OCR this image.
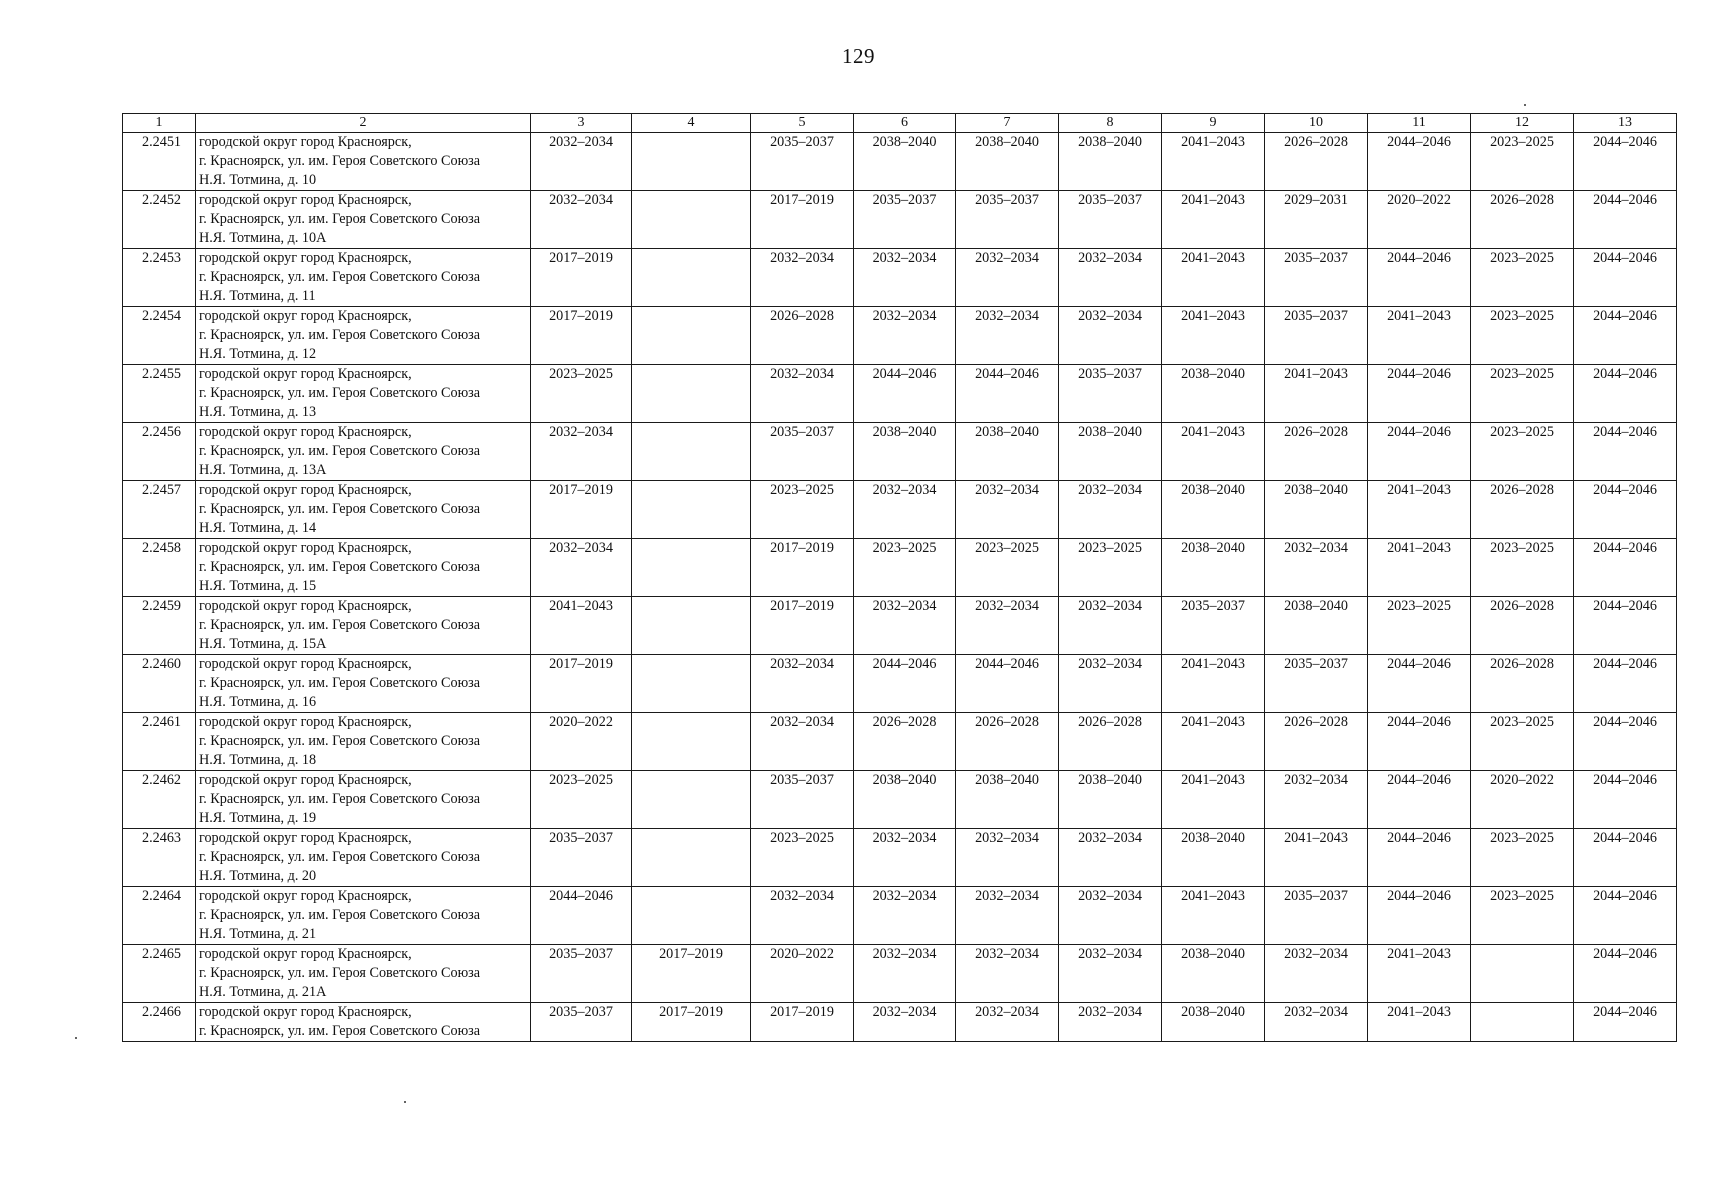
129
1	2	3	4	5	6	7	8	9	10	11	12	13
2.2451	городской округ город Красноярск,
г. Красноярск, ул. им. Героя Советского Союза
Н.Я. Тотмина, д. 10	2032–2034		2035–2037	2038–2040	2038–2040	2038–2040	2041–2043	2026–2028	2044–2046	2023–2025	2044–2046
2.2452	городской округ город Красноярск,
г. Красноярск, ул. им. Героя Советского Союза
Н.Я. Тотмина, д. 10А	2032–2034		2017–2019	2035–2037	2035–2037	2035–2037	2041–2043	2029–2031	2020–2022	2026–2028	2044–2046
2.2453	городской округ город Красноярск,
г. Красноярск, ул. им. Героя Советского Союза
Н.Я. Тотмина, д. 11	2017–2019		2032–2034	2032–2034	2032–2034	2032–2034	2041–2043	2035–2037	2044–2046	2023–2025	2044–2046
2.2454	городской округ город Красноярск,
г. Красноярск, ул. им. Героя Советского Союза
Н.Я. Тотмина, д. 12	2017–2019		2026–2028	2032–2034	2032–2034	2032–2034	2041–2043	2035–2037	2041–2043	2023–2025	2044–2046
2.2455	городской округ город Красноярск,
г. Красноярск, ул. им. Героя Советского Союза
Н.Я. Тотмина, д. 13	2023–2025		2032–2034	2044–2046	2044–2046	2035–2037	2038–2040	2041–2043	2044–2046	2023–2025	2044–2046
2.2456	городской округ город Красноярск,
г. Красноярск, ул. им. Героя Советского Союза
Н.Я. Тотмина, д. 13А	2032–2034		2035–2037	2038–2040	2038–2040	2038–2040	2041–2043	2026–2028	2044–2046	2023–2025	2044–2046
2.2457	городской округ город Красноярск,
г. Красноярск, ул. им. Героя Советского Союза
Н.Я. Тотмина, д. 14	2017–2019		2023–2025	2032–2034	2032–2034	2032–2034	2038–2040	2038–2040	2041–2043	2026–2028	2044–2046
2.2458	городской округ город Красноярск,
г. Красноярск, ул. им. Героя Советского Союза
Н.Я. Тотмина, д. 15	2032–2034		2017–2019	2023–2025	2023–2025	2023–2025	2038–2040	2032–2034	2041–2043	2023–2025	2044–2046
2.2459	городской округ город Красноярск,
г. Красноярск, ул. им. Героя Советского Союза
Н.Я. Тотмина, д. 15А	2041–2043		2017–2019	2032–2034	2032–2034	2032–2034	2035–2037	2038–2040	2023–2025	2026–2028	2044–2046
2.2460	городской округ город Красноярск,
г. Красноярск, ул. им. Героя Советского Союза
Н.Я. Тотмина, д. 16	2017–2019		2032–2034	2044–2046	2044–2046	2032–2034	2041–2043	2035–2037	2044–2046	2026–2028	2044–2046
2.2461	городской округ город Красноярск,
г. Красноярск, ул. им. Героя Советского Союза
Н.Я. Тотмина, д. 18	2020–2022		2032–2034	2026–2028	2026–2028	2026–2028	2041–2043	2026–2028	2044–2046	2023–2025	2044–2046
2.2462	городской округ город Красноярск,
г. Красноярск, ул. им. Героя Советского Союза
Н.Я. Тотмина, д. 19	2023–2025		2035–2037	2038–2040	2038–2040	2038–2040	2041–2043	2032–2034	2044–2046	2020–2022	2044–2046
2.2463	городской округ город Красноярск,
г. Красноярск, ул. им. Героя Советского Союза
Н.Я. Тотмина, д. 20	2035–2037		2023–2025	2032–2034	2032–2034	2032–2034	2038–2040	2041–2043	2044–2046	2023–2025	2044–2046
2.2464	городской округ город Красноярск,
г. Красноярск, ул. им. Героя Советского Союза
Н.Я. Тотмина, д. 21	2044–2046		2032–2034	2032–2034	2032–2034	2032–2034	2041–2043	2035–2037	2044–2046	2023–2025	2044–2046
2.2465	городской округ город Красноярск,
г. Красноярск, ул. им. Героя Советского Союза
Н.Я. Тотмина, д. 21А	2035–2037	2017–2019	2020–2022	2032–2034	2032–2034	2032–2034	2038–2040	2032–2034	2041–2043		2044–2046
2.2466	городской округ город Красноярск,
г. Красноярск, ул. им. Героя Советского Союза	2035–2037	2017–2019	2017–2019	2032–2034	2032–2034	2032–2034	2038–2040	2032–2034	2041–2043		2044–2046
